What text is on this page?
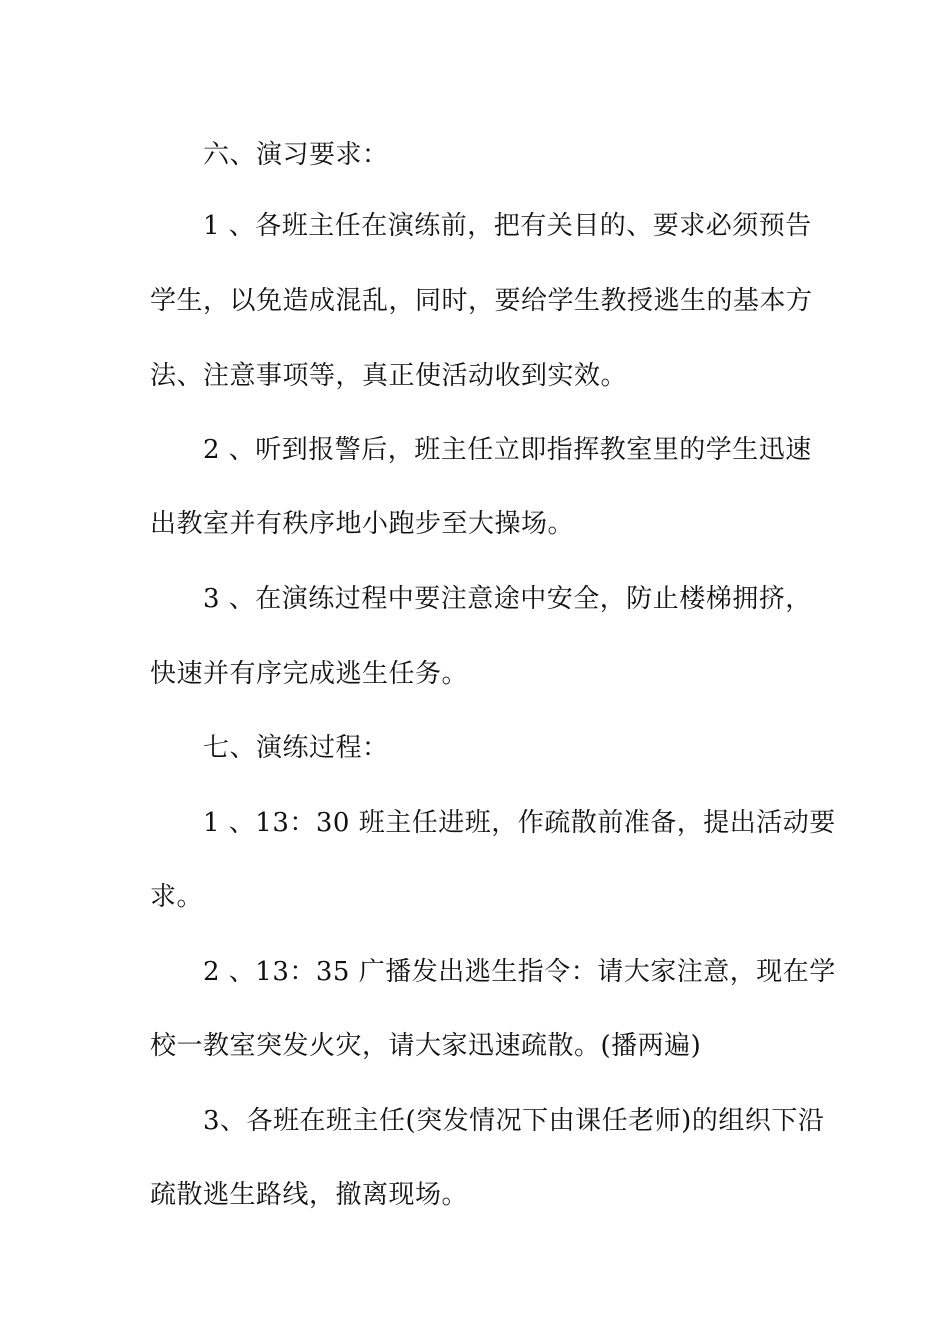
六、演习要求：
1 、各班主任在演练前，把有关目的、要求必须预告
学生，以免造成混乱，同时，要给学生教授逃生的基本方
法、注意事项等，真正使活动收到实效。
2 、听到报警后，班主任立即指挥教室里的学生迅速
出教室并有秩序地小跑步至大操场。
3 、在演练过程中要注意途中安全，防止楼梯拥挤，
快速并有序完成逃生任务。
七、演练过程：
1 、13：30 班主任进班，作疏散前准备，提出活动要
求。
2 、13：35 广播发出逃生指令：请大家注意，现在学
校一教室突发火灾，请大家迅速疏散。(播两遍)
3、各班在班主任(突发情况下由课任老师)的组织下沿
疏散逃生路线，撤离现场。
